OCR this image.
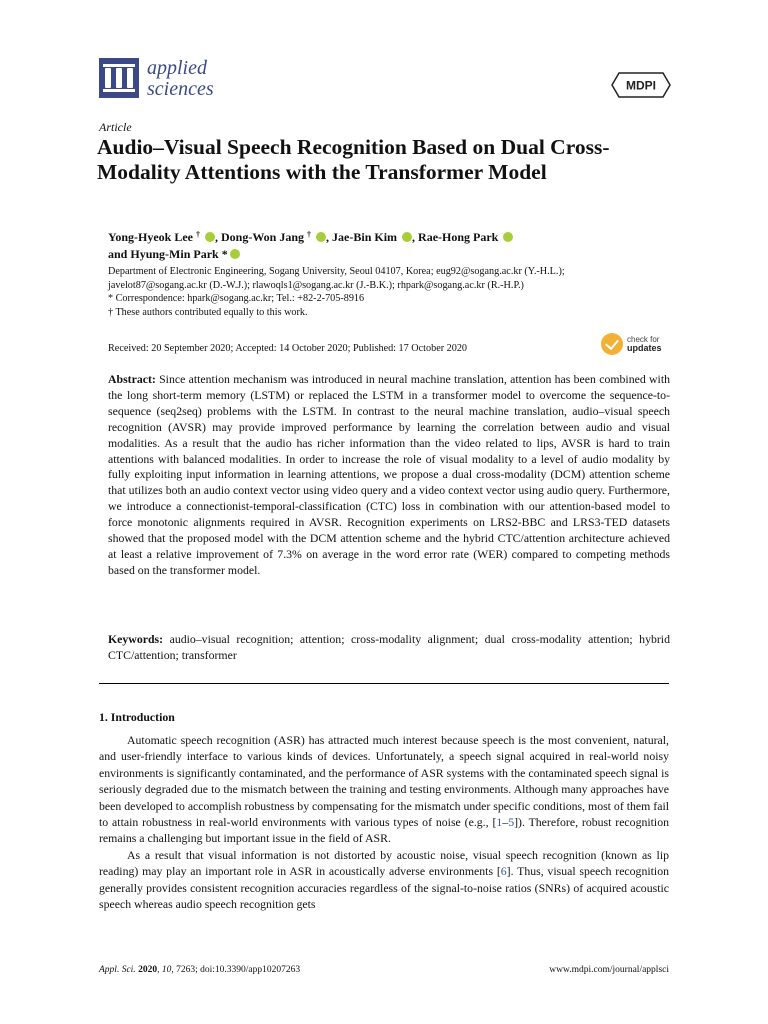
applied
sciences	MDPI
Article
Audio–Visual Speech Recognition Based on Dual Cross-Modality Attentions with the Transformer Model
Yong-Hyeok Lee † , Dong-Won Jang † , Jae-Bin Kim , Rae-Hong Park
and Hyung-Min Park *
Department of Electronic Engineering, Sogang University, Seoul 04107, Korea; eug92@sogang.ac.kr (Y.-H.L.);
javelot87@sogang.ac.kr (D.-W.J.); rlawoqls1@sogang.ac.kr (J.-B.K.); rhpark@sogang.ac.kr (R.-H.P.)
* Correspondence: hpark@sogang.ac.kr; Tel.: +82-2-705-8916
† These authors contributed equally to this work.
Received: 20 September 2020; Accepted: 14 October 2020; Published: 17 October 2020
check for
updates
Abstract: Since attention mechanism was introduced in neural machine translation, attention has been combined with the long short-term memory (LSTM) or replaced the LSTM in a transformer model to overcome the sequence-to-sequence (seq2seq) problems with the LSTM. In contrast to the neural machine translation, audio–visual speech recognition (AVSR) may provide improved performance by learning the correlation between audio and visual modalities. As a result that the audio has richer information than the video related to lips, AVSR is hard to train attentions with balanced modalities. In order to increase the role of visual modality to a level of audio modality by fully exploiting input information in learning attentions, we propose a dual cross-modality (DCM) attention scheme that utilizes both an audio context vector using video query and a video context vector using audio query. Furthermore, we introduce a connectionist-temporal-classification (CTC) loss in combination with our attention-based model to force monotonic alignments required in AVSR. Recognition experiments on LRS2-BBC and LRS3-TED datasets showed that the proposed model with the DCM attention scheme and the hybrid CTC/attention architecture achieved at least a relative improvement of 7.3% on average in the word error rate (WER) compared to competing methods based on the transformer model.
Keywords: audio–visual recognition; attention; cross-modality alignment; dual cross-modality attention; hybrid CTC/attention; transformer
1. Introduction

Automatic speech recognition (ASR) has attracted much interest because speech is the most convenient, natural, and user-friendly interface to various kinds of devices. Unfortunately, a speech signal acquired in real-world noisy environments is significantly contaminated, and the performance of ASR systems with the contaminated speech signal is seriously degraded due to the mismatch between the training and testing environments. Although many approaches have been developed to accomplish robustness by compensating for the mismatch under specific conditions, most of them fail to attain robustness in real-world environments with various types of noise (e.g., [1–5]). Therefore, robust recognition remains a challenging but important issue in the field of ASR.

As a result that visual information is not distorted by acoustic noise, visual speech recognition (known as lip reading) may play an important role in ASR in acoustically adverse environments [6]. Thus, visual speech recognition generally provides consistent recognition accuracies regardless of the signal-to-noise ratios (SNRs) of acquired acoustic speech whereas audio speech recognition gets

Appl. Sci. 2020, 10, 7263; doi:10.3390/app10207263	www.mdpi.com/journal/applsci
